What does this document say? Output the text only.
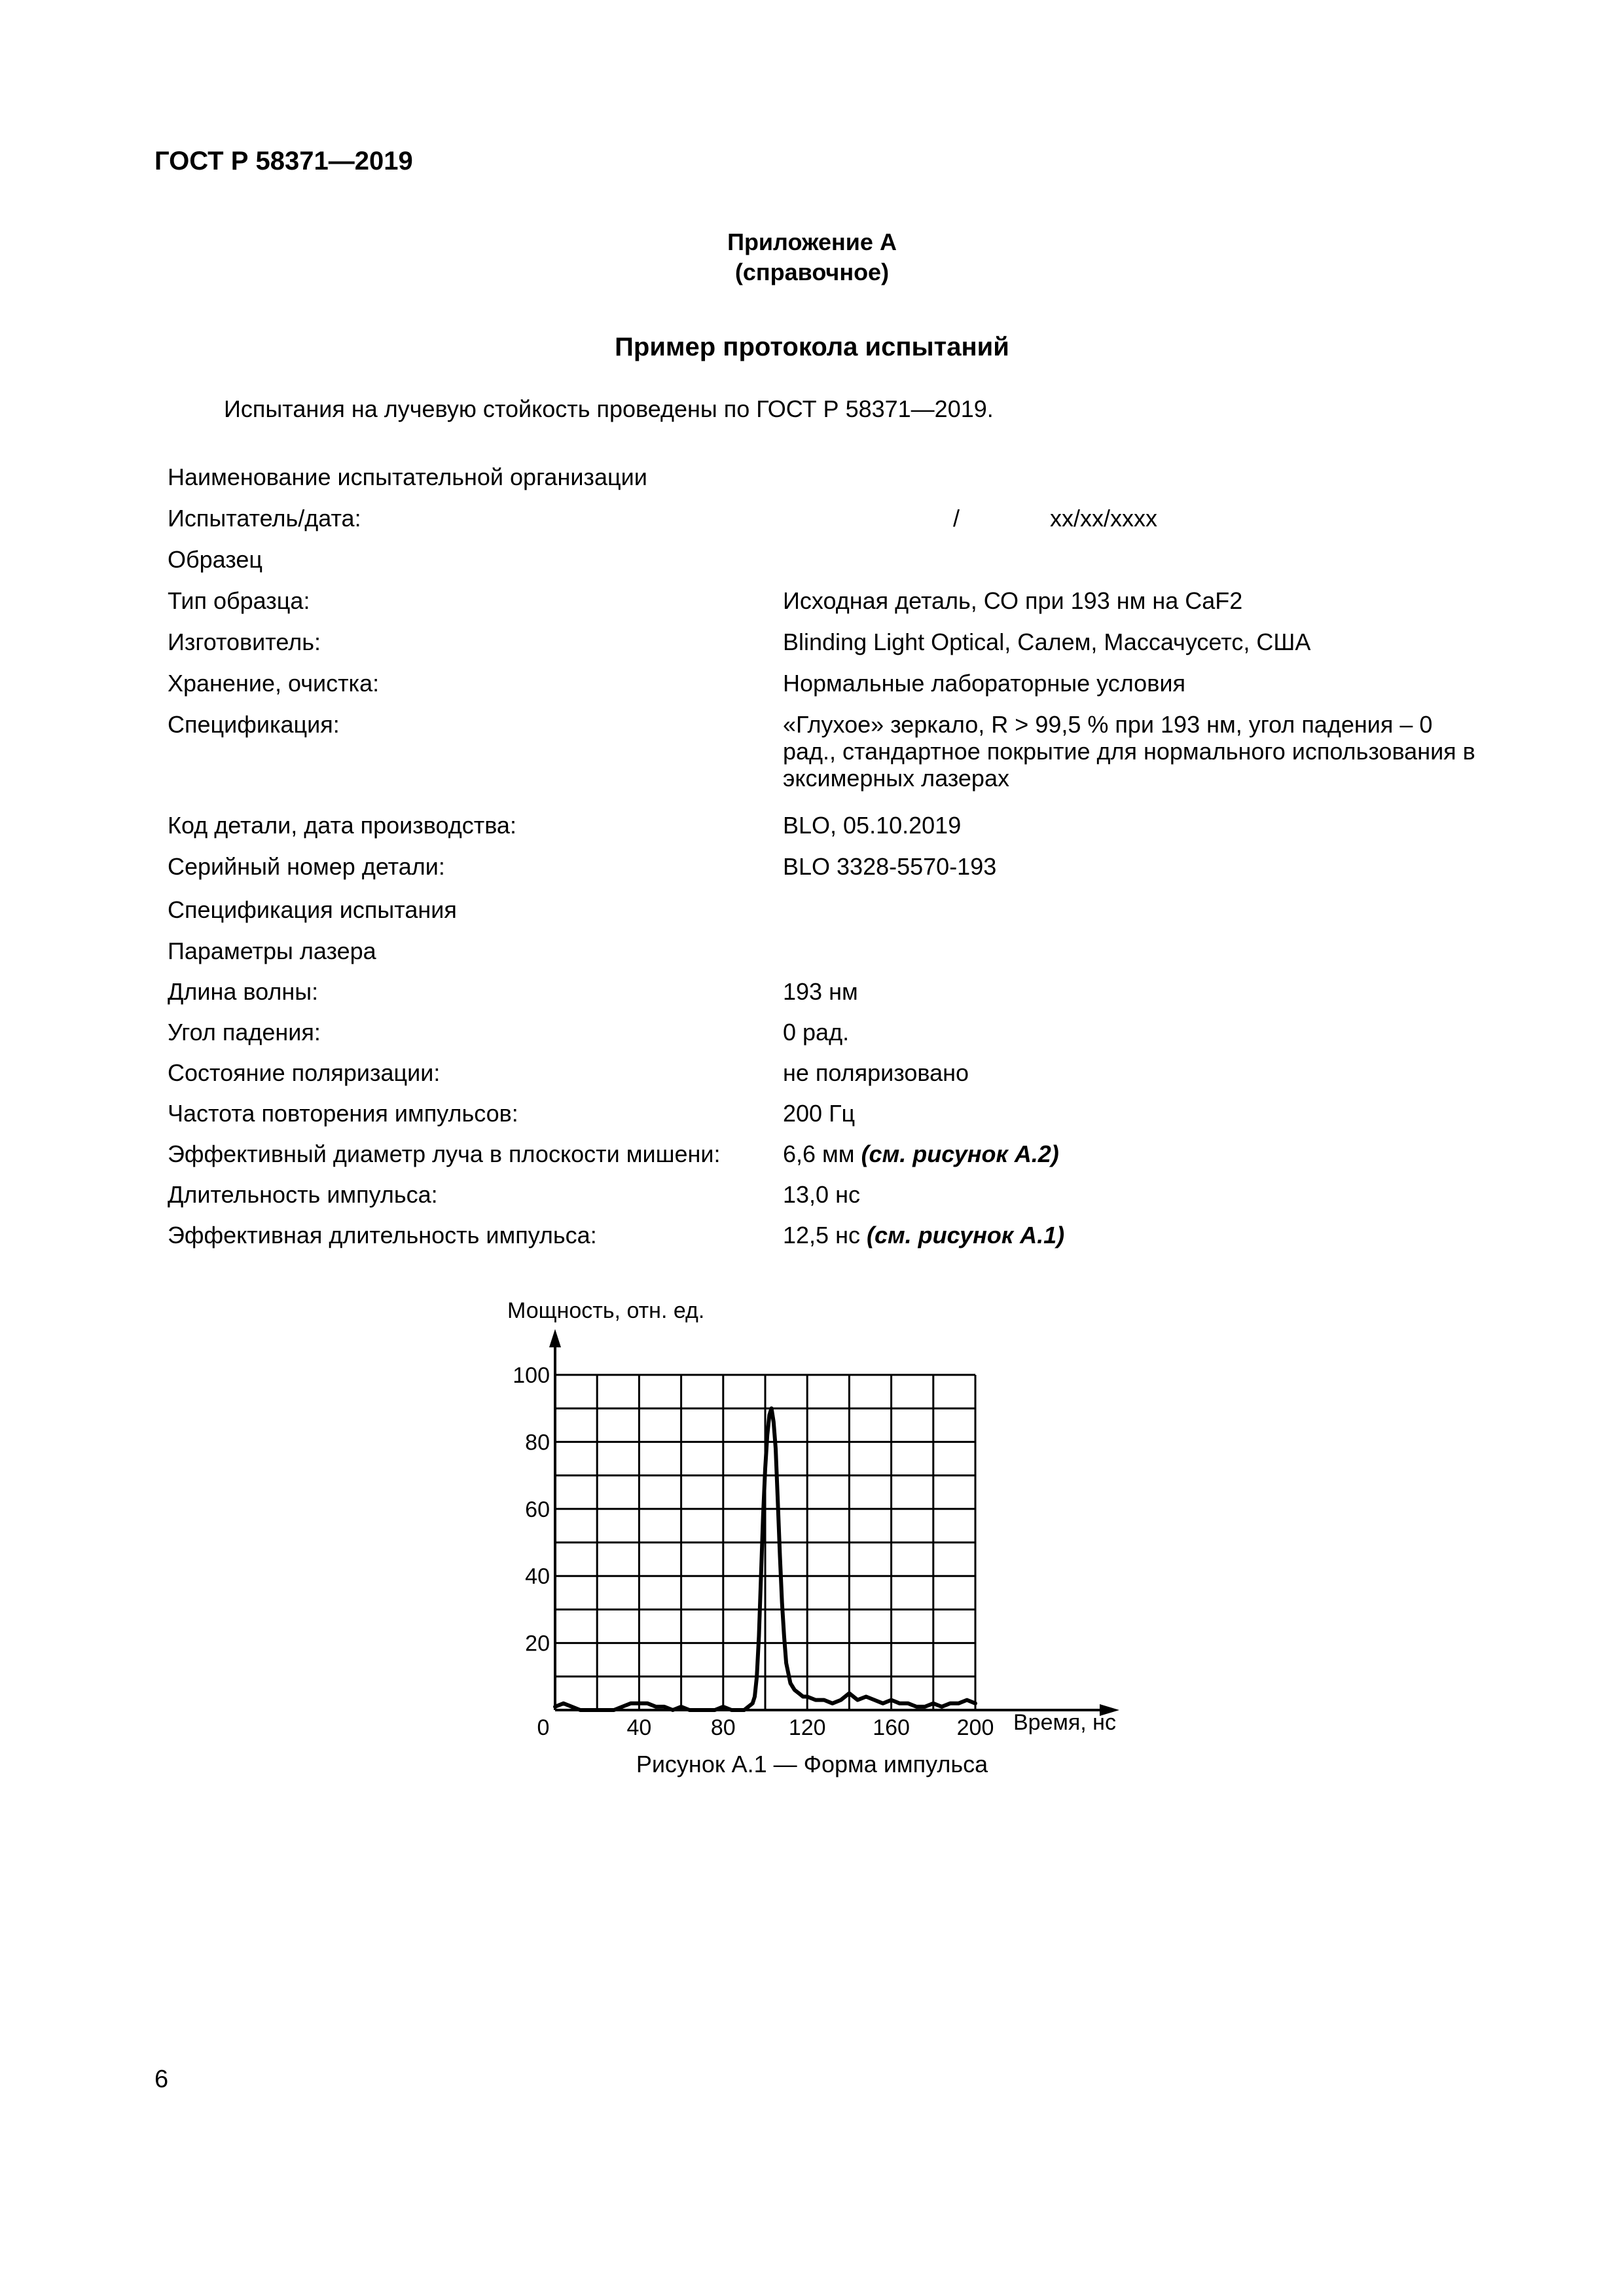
ГОСТ Р 58371—2019
Приложение А
(справочное)
Пример протокола испытаний
Испытания на лучевую стойкость проведены по ГОСТ Р 58371—2019.
Наименование испытательной организации
Испытатель/дата:	/	xx/xx/xxxx
Образец
Тип образца:	Исходная деталь, СО при 193 нм на CaF2
Изготовитель:	Blinding Light Optical, Салем, Массачусетс, США
Хранение, очистка:	Нормальные лабораторные условия
Спецификация:	«Глухое» зеркало, R > 99,5 % при 193 нм, угол падения – 0 рад., стандартное покрытие для нормального использования в эксимерных лазерах
Код детали, дата производства:	BLO, 05.10.2019
Серийный номер детали:	BLO 3328-5570-193
Спецификация испытания
Параметры лазера
Длина волны:	193 нм
Угол падения:	0 рад.
Состояние поляризации:	не поляризовано
Частота повторения импульсов:	200 Гц
Эффективный диаметр луча в плоскости мишени:	6,6 мм (см. рисунок А.2)
Длительность импульса:	13,0 нс
Эффективная длительность импульса:	12,5 нс (см. рисунок А.1)
0	40	80 120 160 200
20
40
60
80
100
Мощность, отн. ед.
Время, нс
Рисунок А.1 — Форма импульса
6
